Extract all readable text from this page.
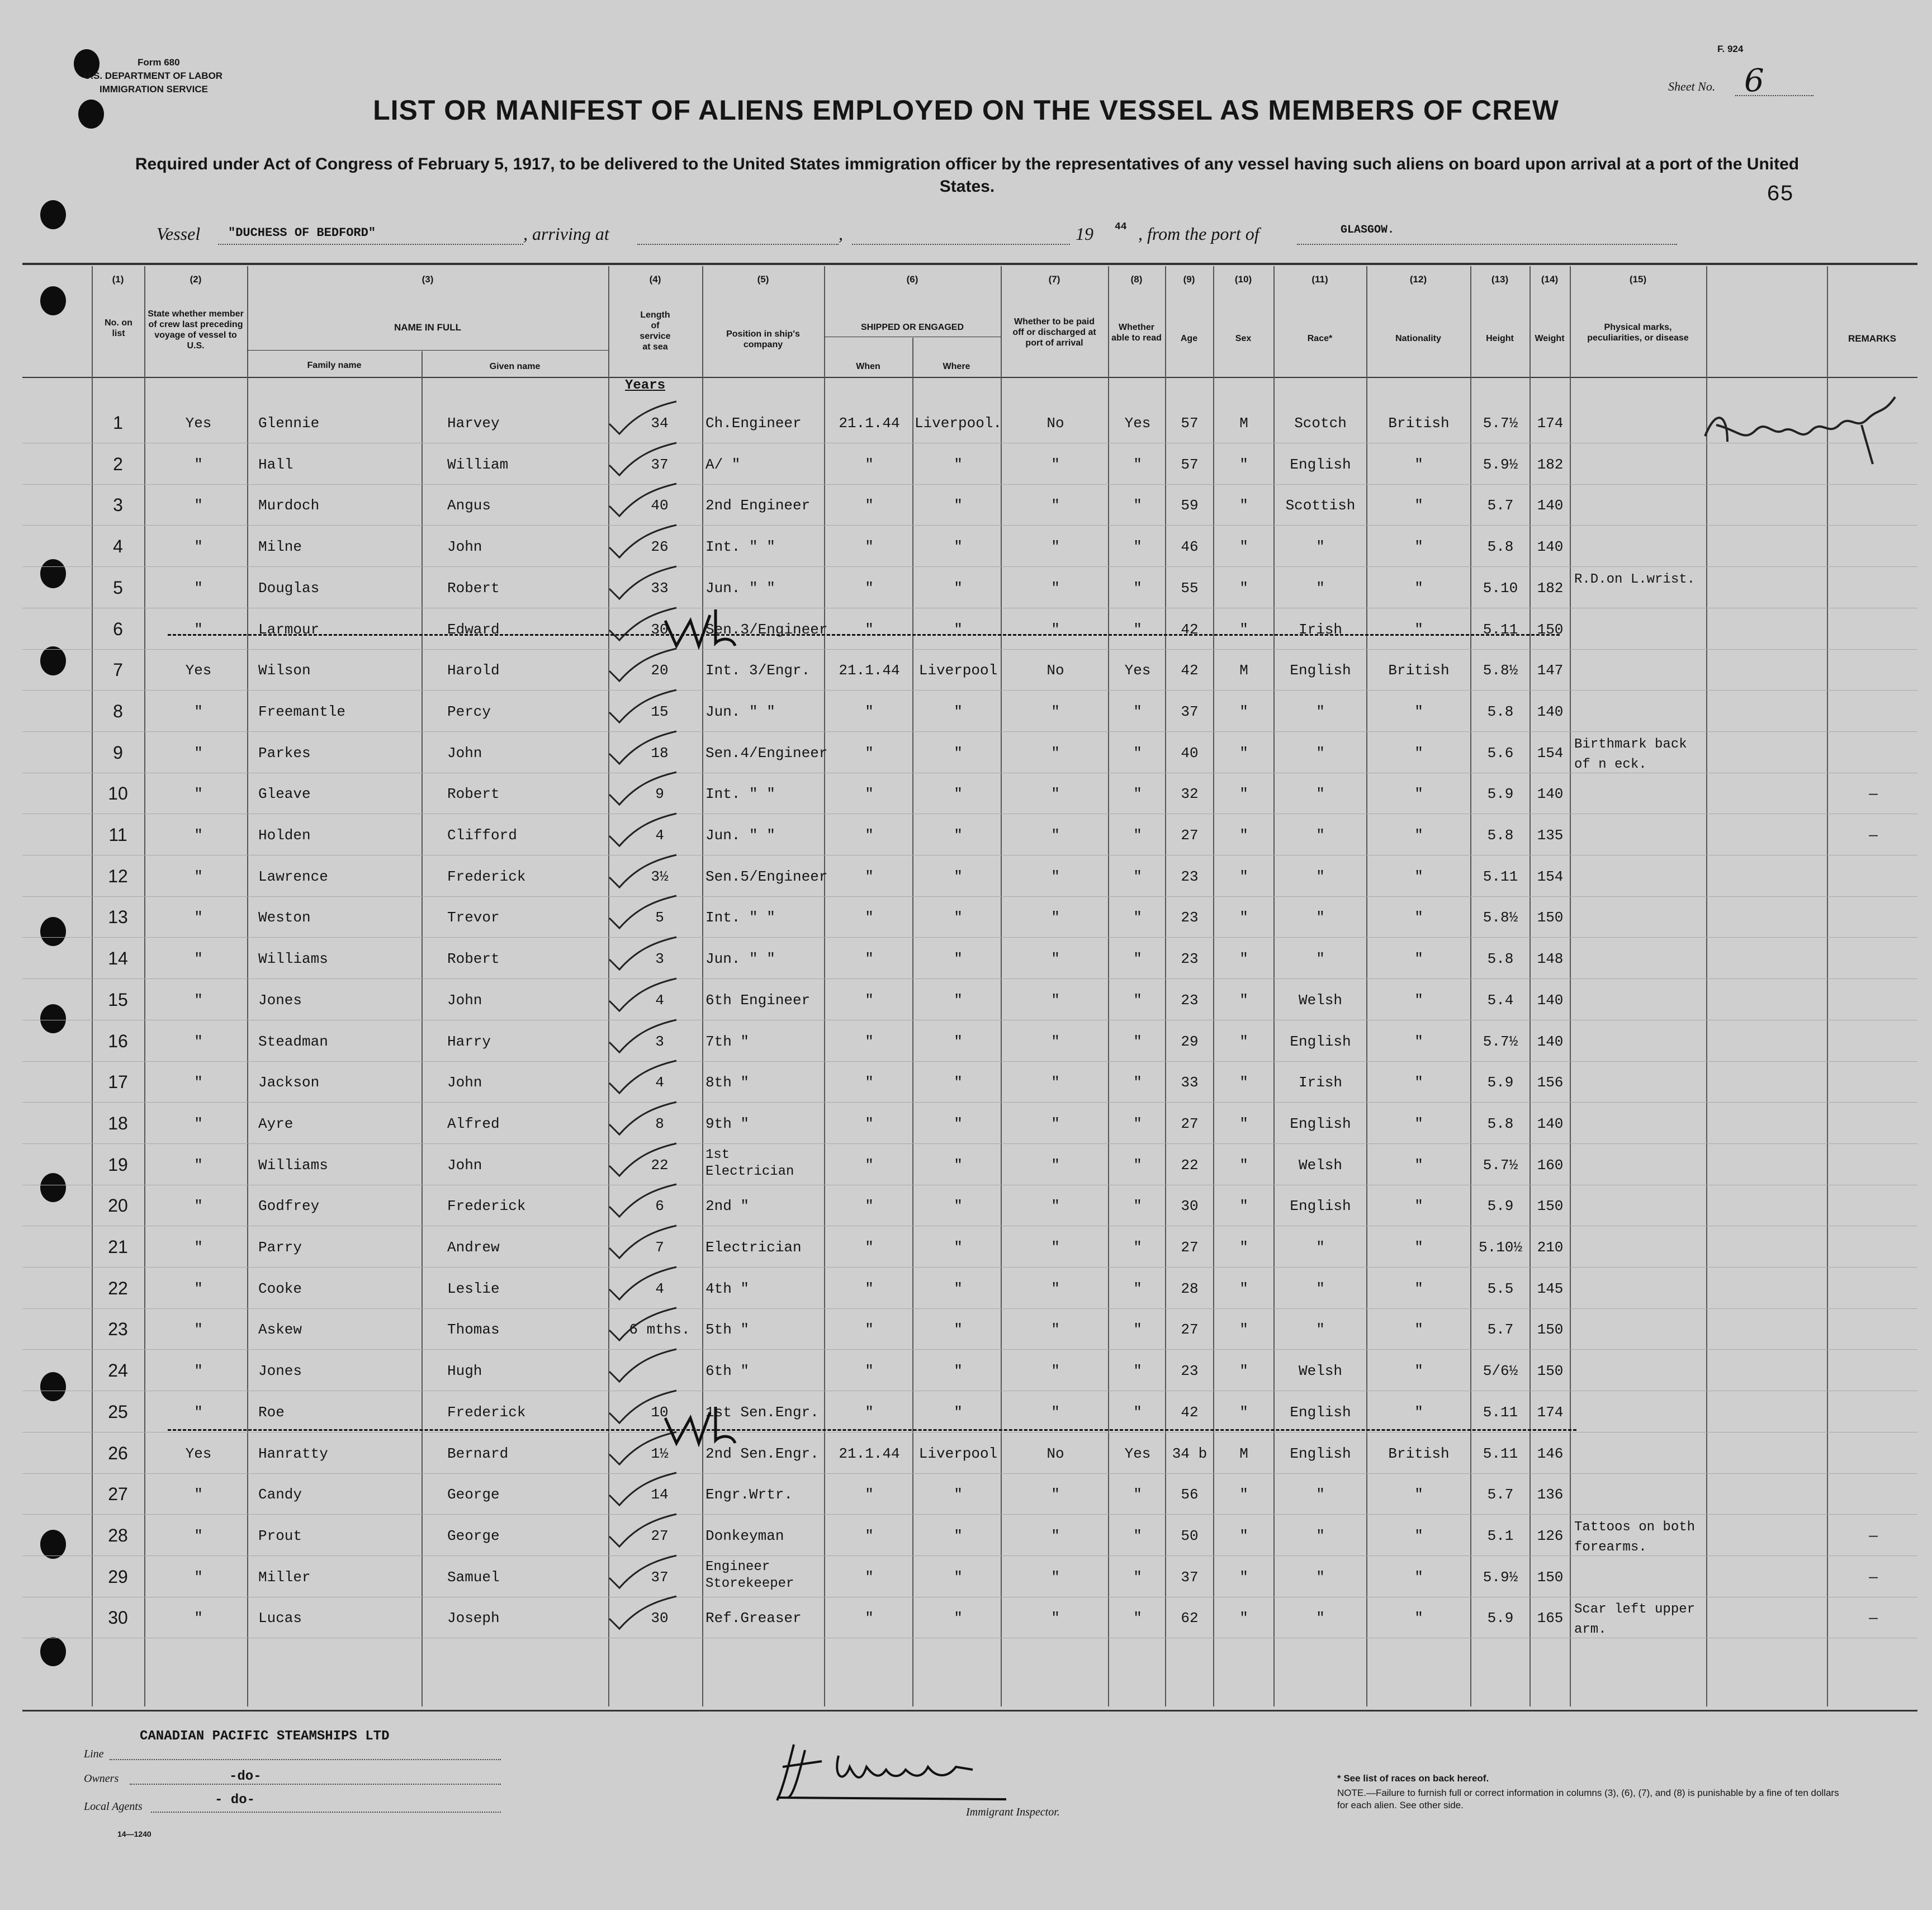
Form 680
U.S. DEPARTMENT OF LABOR
IMMIGRATION SERVICE
F. 924
Sheet No. 6
LIST OR MANIFEST OF ALIENS EMPLOYED ON THE VESSEL AS MEMBERS OF CREW
Required under Act of Congress of February 5, 1917, to be delivered to the United States immigration officer by the representatives of any vessel having such aliens on board upon arrival at a port of the United States.	65
Vessel "DUCHESS OF BEDFORD"	, arriving at	,	19 44 , from the port of	GLASGOW.
(1)	(2)	(3)	(4)	(5)	(6)	(7)	(8)	(9)	(10)	(11)	(12)	(13)	(14)	(15)
No. on list
State whether member of crew last preceding voyage of vessel to U.S.
NAME IN FULL
Family name	Given name
Length of service at sea
Position in ship's company
SHIPPED OR ENGAGED
When	Where
Whether to be paid off or discharged at port of arrival
Whether able to read	Age	Sex	Race*	Nationality	Height	Weight
Physical marks, peculiarities, or disease	REMARKS
Years
1	Yes	Glennie	Harvey	34	Ch.Engineer	21.1.44	Liverpool.	No	Yes	57	M	Scotch	British	5.7½	174
2	"	Hall	William	37	A/ "	"	"	"	"	57	"	English	"	5.9½	182
3	"	Murdoch	Angus	40	2nd Engineer	"	"	"	"	59	"	Scottish	"	5.7	140
4	"	Milne	John	26	Int. " "	"	"	"	"	46	"	"	"	5.8	140
5	"	Douglas	Robert	33	Jun. " "	"	"	"	"	55	"	"	"	5.10	182
R.D.on L.wrist.
6	"	Larmour	Edward	30	Sen.3/Engineer	"	"	"	"	42	"	Irish	"	5.11	150
7	Yes	Wilson	Harold	20	Int. 3/Engr.	21.1.44	Liverpool	No	Yes	42	M	English	British	5.8½	147
8	"	Freemantle	Percy	15	Jun. " "	"	"	"	"	37	"	"	"	5.8	140
9	"	Parkes	John	18	Sen.4/Engineer	"	"	"	"	40	"	"	"	5.6	154
Birthmark back of n eck.
10	"	Gleave	Robert	9	Int. " "	"	"	"	"	32	"	"	"	5.9	140	—
11	"	Holden	Clifford	4	Jun. " "	"	"	"	"	27	"	"	"	5.8	135	—
12	"	Lawrence	Frederick	3½	Sen.5/Engineer	"	"	"	"	23	"	"	"	5.11	154
13	"	Weston	Trevor	5	Int. " "	"	"	"	"	23	"	"	"	5.8½	150
14	"	Williams	Robert	3	Jun. " "	"	"	"	"	23	"	"	"	5.8	148
15	"	Jones	John	4	6th Engineer	"	"	"	"	23	"	Welsh	"	5.4	140
16	"	Steadman	Harry	3	7th "	"	"	"	"	29	"	English	"	5.7½	140
17	"	Jackson	John	4	8th "	"	"	"	"	33	"	Irish	"	5.9	156
18	"	Ayre	Alfred	8	9th "	"	"	"	"	27	"	English	"	5.8	140
19	"	Williams	John	22
1st Electrician	"	"	"	"	22	"	Welsh	"	5.7½	160
20	"	Godfrey	Frederick	6	2nd "	"	"	"	"	30	"	English	"	5.9	150
21	"	Parry	Andrew	7	Electrician	"	"	"	"	27	"	"	"	5.10½	210
22	"	Cooke	Leslie	4	4th "	"	"	"	"	28	"	"	"	5.5	145
23	"	Askew	Thomas	6 mths.	5th "	"	"	"	"	27	"	"	"	5.7	150
24	"	Jones	Hugh	6th "	"	"	"	"	23	"	Welsh	"	5/6½	150
25	"	Roe	Frederick	10	1st Sen.Engr.	"	"	"	"	42	"	English	"	5.11	174
26	Yes	Hanratty	Bernard	1½	2nd Sen.Engr.	21.1.44	Liverpool	No	Yes	34 b	M	English	British	5.11	146
27	"	Candy	George	14	Engr.Wrtr.	"	"	"	"	56	"	"	"	5.7	136
28	"	Prout	George	27	Donkeyman	"	"	"	"	50	"	"	"	5.1	126
Tattoos on both forearms.
—
29	"	Miller	Samuel	37
Engineer Storekeeper	"	"	"	"	37	"	"	"	5.9½	150	—
30	"	Lucas	Joseph	30	Ref.Greaser	"	"	"	"	62	"	"	"	5.9	165
Scar left upper arm.
—
CANADIAN PACIFIC STEAMSHIPS LTD
Line
Owners	-do-
Local Agents	- do-
14—1240
Immigrant Inspector.
* See list of races on back hereof.
NOTE.—Failure to furnish full or correct information in columns (3), (6), (7), and (8) is punishable by a fine of ten dollars for each alien. See other side.
